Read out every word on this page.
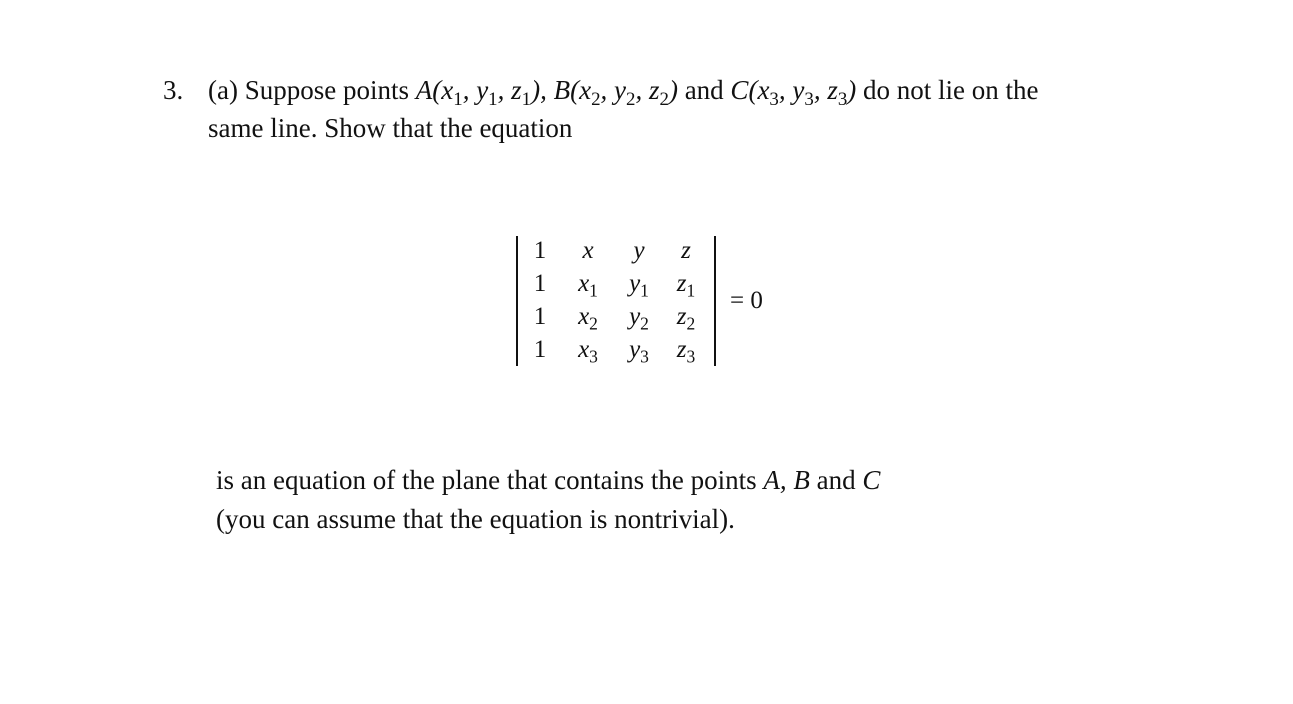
3. (a) Suppose points $A(x_1$, $y_1$, $z_1$), $B(x_2$, $y_2$, $z_2$) and $C(x_3$, $y_3$, $z_3$) do not lie on the
same line. Show that the equation
1	x	y	z
1	$x_1$	$y_1$	$z_1$
1	$x_2$	$y_2$	$z_2$
1	$x_3$	$y_3$	$z_3$
= 0
is an equation of the plane that contains the points A, B and C
(you can assume that the equation is nontrivial).
